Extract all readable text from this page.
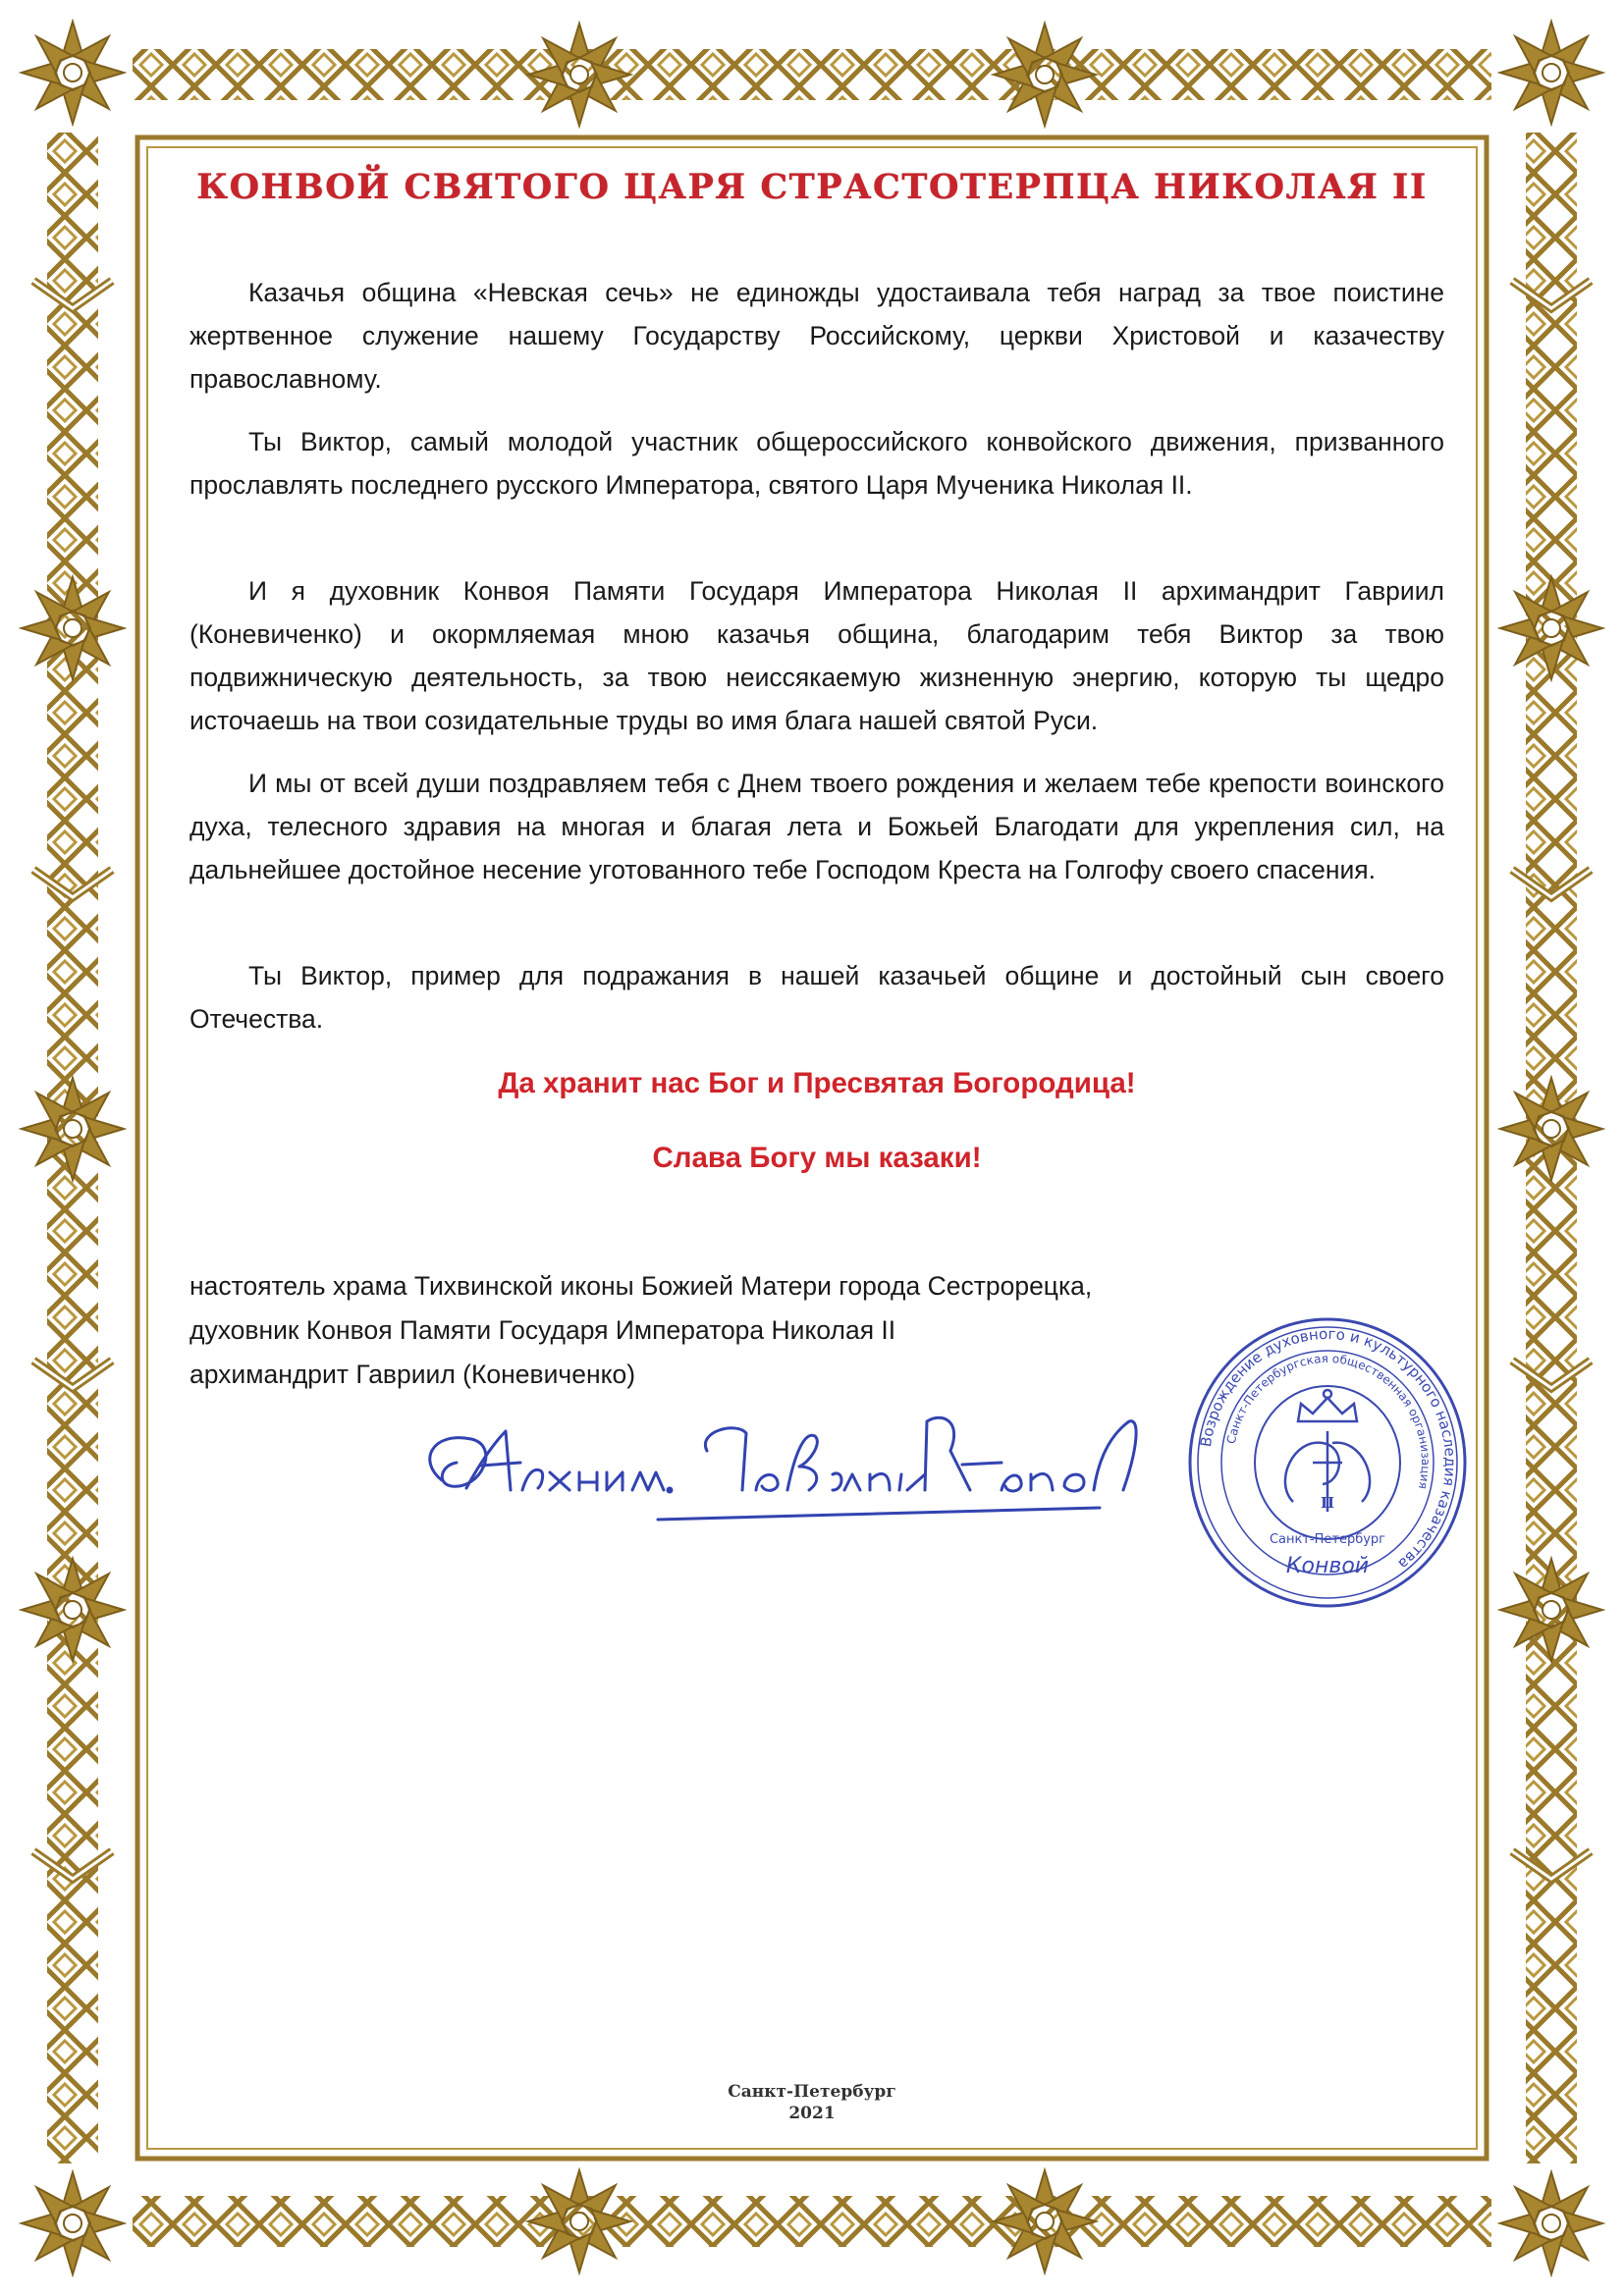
КОНВОЙ СВЯТОГО ЦАРЯ СТРАСТОТЕРПЦА НИКОЛАЯ II

Казачья община «Невская сечь» не единожды удостаивала тебя наград за твое поистине жертвенное служение нашему Государству Российскому, церкви Христовой и казачеству православному.

Ты Виктор, самый молодой участник общероссийского конвойского движения, призванного прославлять последнего русского Императора, святого Царя Мученика Николая II.

И я духовник Конвоя Памяти Государя Императора Николая II архимандрит Гавриил (Коневиченко) и окормляемая мною казачья община, благодарим тебя Виктор за твою подвижническую деятельность, за твою неиссякаемую жизненную энергию, которую ты щедро источаешь на твои созидательные труды во имя блага нашей святой Руси.

И мы от всей души поздравляем тебя с Днем твоего рождения и желаем тебе крепости воинского духа, телесного здравия на многая и благая лета и Божьей Благодати для укрепления сил, на дальнейшее достойное несение уготованного тебе Господом Креста на Голгофу своего спасения.

Ты Виктор, пример для подражания в нашей казачьей общине и достойный сын своего Отечества.

Да хранит нас Бог и Пресвятая Богородица!

Слава Богу мы казаки!

настоятель храма Тихвинской иконы Божией Матери города Сестрорецка,
духовник Конвоя Памяти Государя Императора Николая II
архимандрит Гавриил (Коневиченко)
Возрождение духовного и культурного наследия казачества
Санкт-Петербургская общественная организация
II
Санкт-Петербург
Конвой
Санкт-Петербург
2021
